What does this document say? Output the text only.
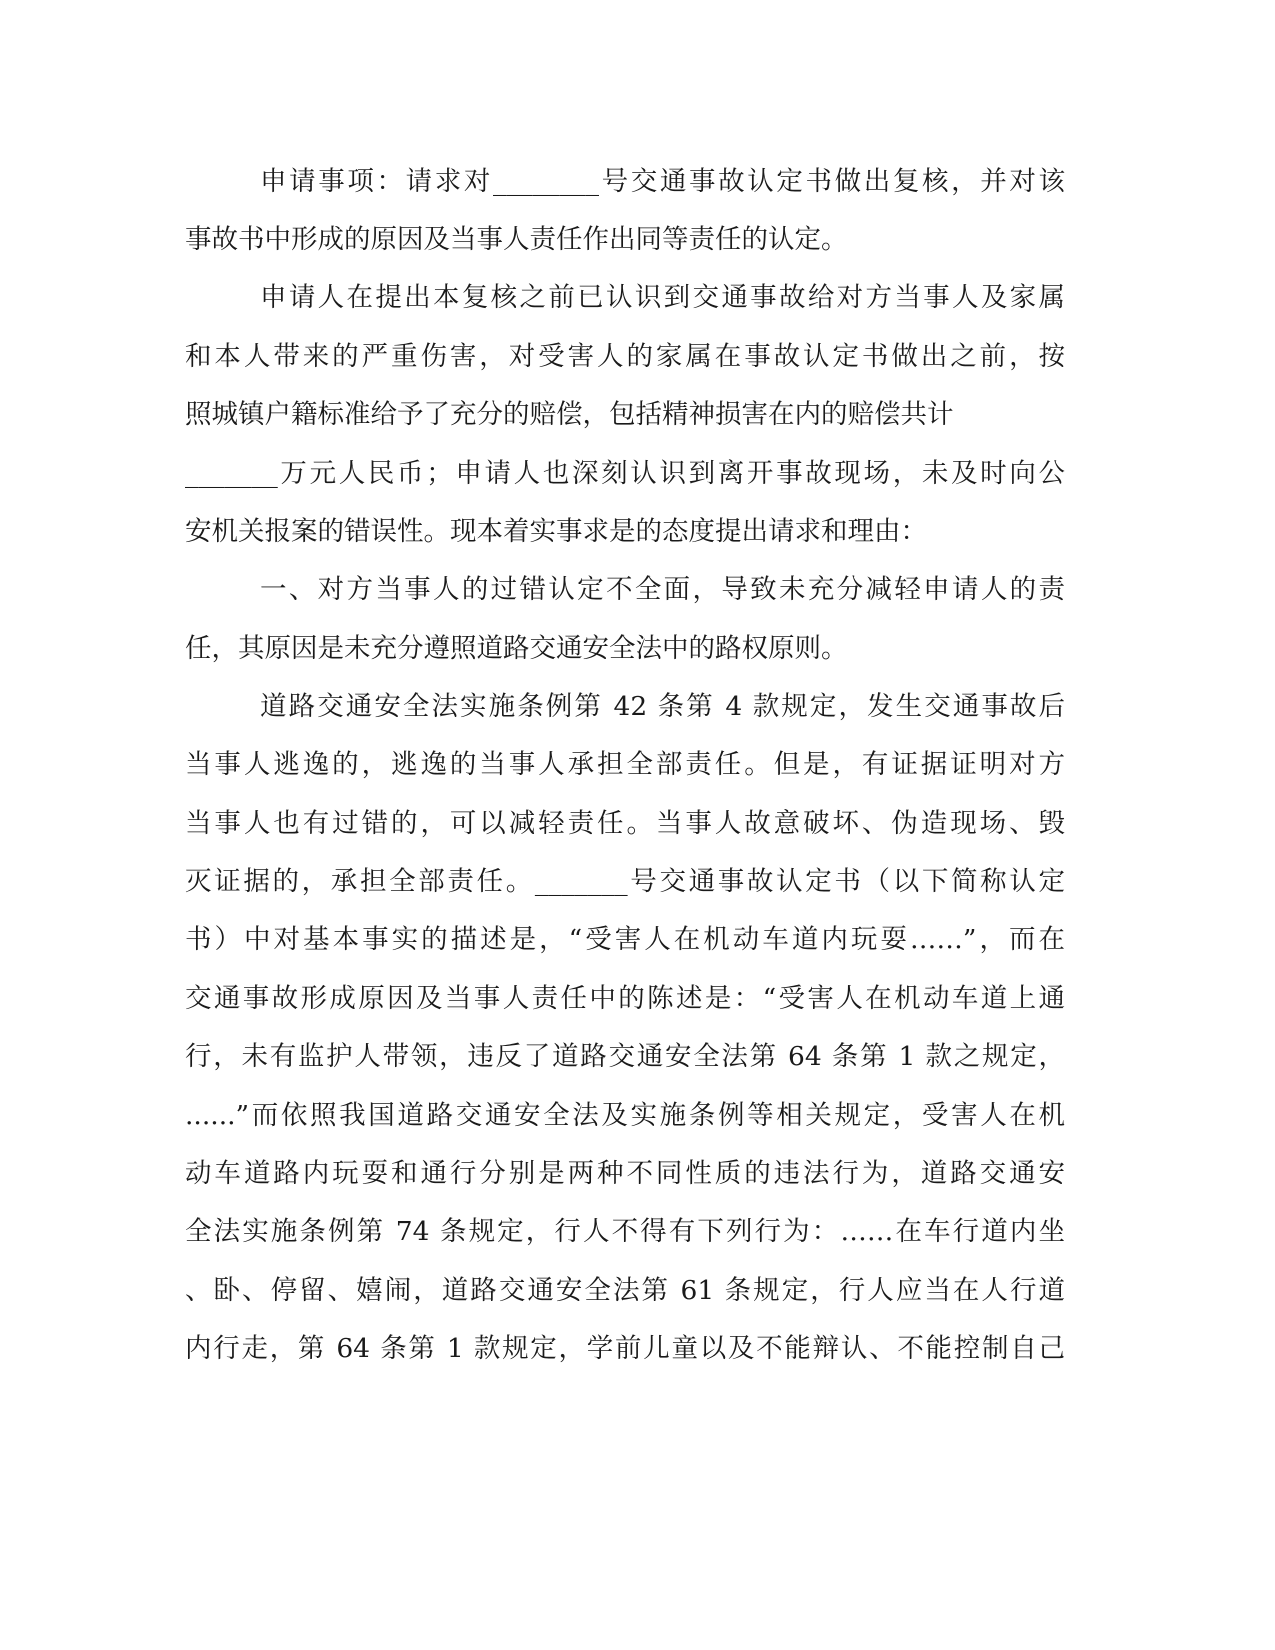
申请事项：请求对________号交通事故认定书做出复核，并对该
事故书中形成的原因及当事人责任作出同等责任的认定。
申请人在提出本复核之前已认识到交通事故给对方当事人及家属
和本人带来的严重伤害，对受害人的家属在事故认定书做出之前，按
照城镇户籍标准给予了充分的赔偿，包括精神损害在内的赔偿共计
_______万元人民币；申请人也深刻认识到离开事故现场，未及时向公
安机关报案的错误性。现本着实事求是的态度提出请求和理由：
一、对方当事人的过错认定不全面，导致未充分减轻申请人的责
任，其原因是未充分遵照道路交通安全法中的路权原则。
道路交通安全法实施条例第 42 条第 4 款规定，发生交通事故后
当事人逃逸的，逃逸的当事人承担全部责任。但是，有证据证明对方
当事人也有过错的，可以减轻责任。当事人故意破坏、伪造现场、毁
灭证据的，承担全部责任。_______号交通事故认定书（以下简称认定
书）中对基本事实的描述是，“受害人在机动车道内玩耍……”，而在
交通事故形成原因及当事人责任中的陈述是：“受害人在机动车道上通
行，未有监护人带领，违反了道路交通安全法第 64 条第 1 款之规定，
......”而依照我国道路交通安全法及实施条例等相关规定，受害人在机
动车道路内玩耍和通行分别是两种不同性质的违法行为，道路交通安
全法实施条例第 74 条规定，行人不得有下列行为：……在车行道内坐
、卧、停留、嬉闹，道路交通安全法第 61 条规定，行人应当在人行道
内行走，第 64 条第 1 款规定，学前儿童以及不能辩认、不能控制自己
